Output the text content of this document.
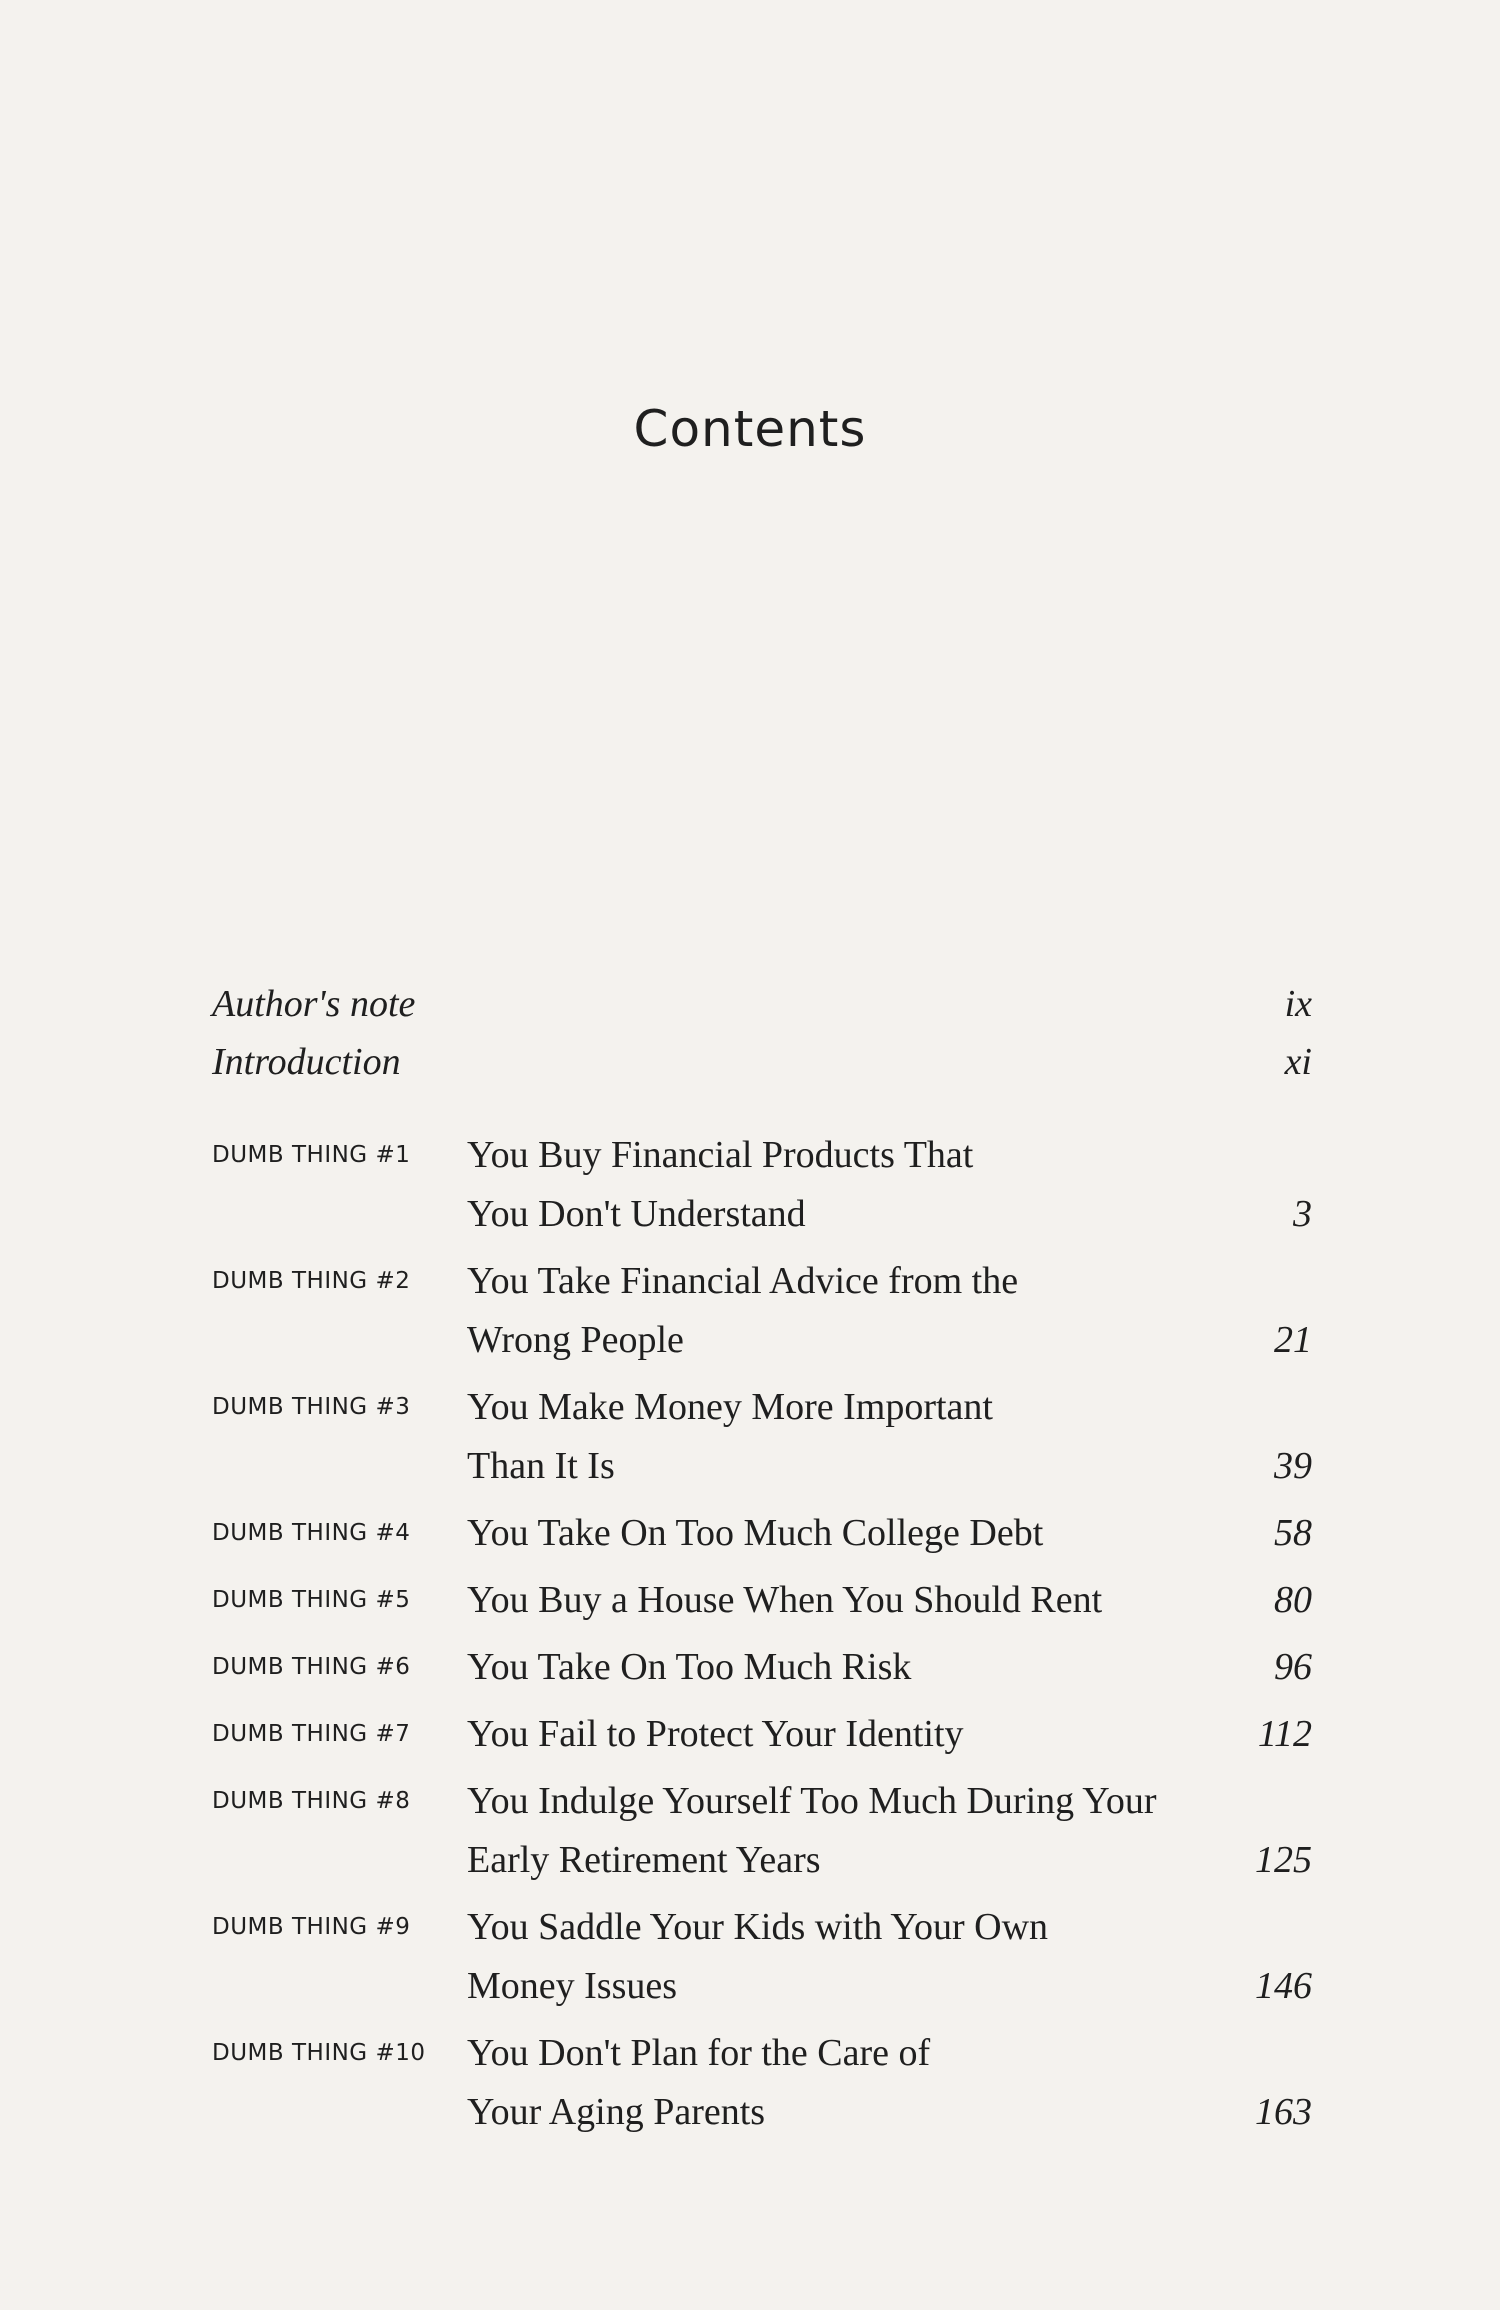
Contents
Author's note	ix
Introduction	xi
DUMB THING #1 You Buy Financial Products That
You Don't Understand	3
DUMB THING #2 You Take Financial Advice from the
Wrong People	21
DUMB THING #3 You Make Money More Important
Than It Is	39
DUMB THING #4 You Take On Too Much College Debt	58
DUMB THING #5 You Buy a House When You Should Rent	80
DUMB THING #6 You Take On Too Much Risk	96
DUMB THING #7 You Fail to Protect Your Identity	112
DUMB THING #8 You Indulge Yourself Too Much During Your
Early Retirement Years	125
DUMB THING #9 You Saddle Your Kids with Your Own
Money Issues	146
DUMB THING #10 You Don't Plan for the Care of
Your Aging Parents	163
